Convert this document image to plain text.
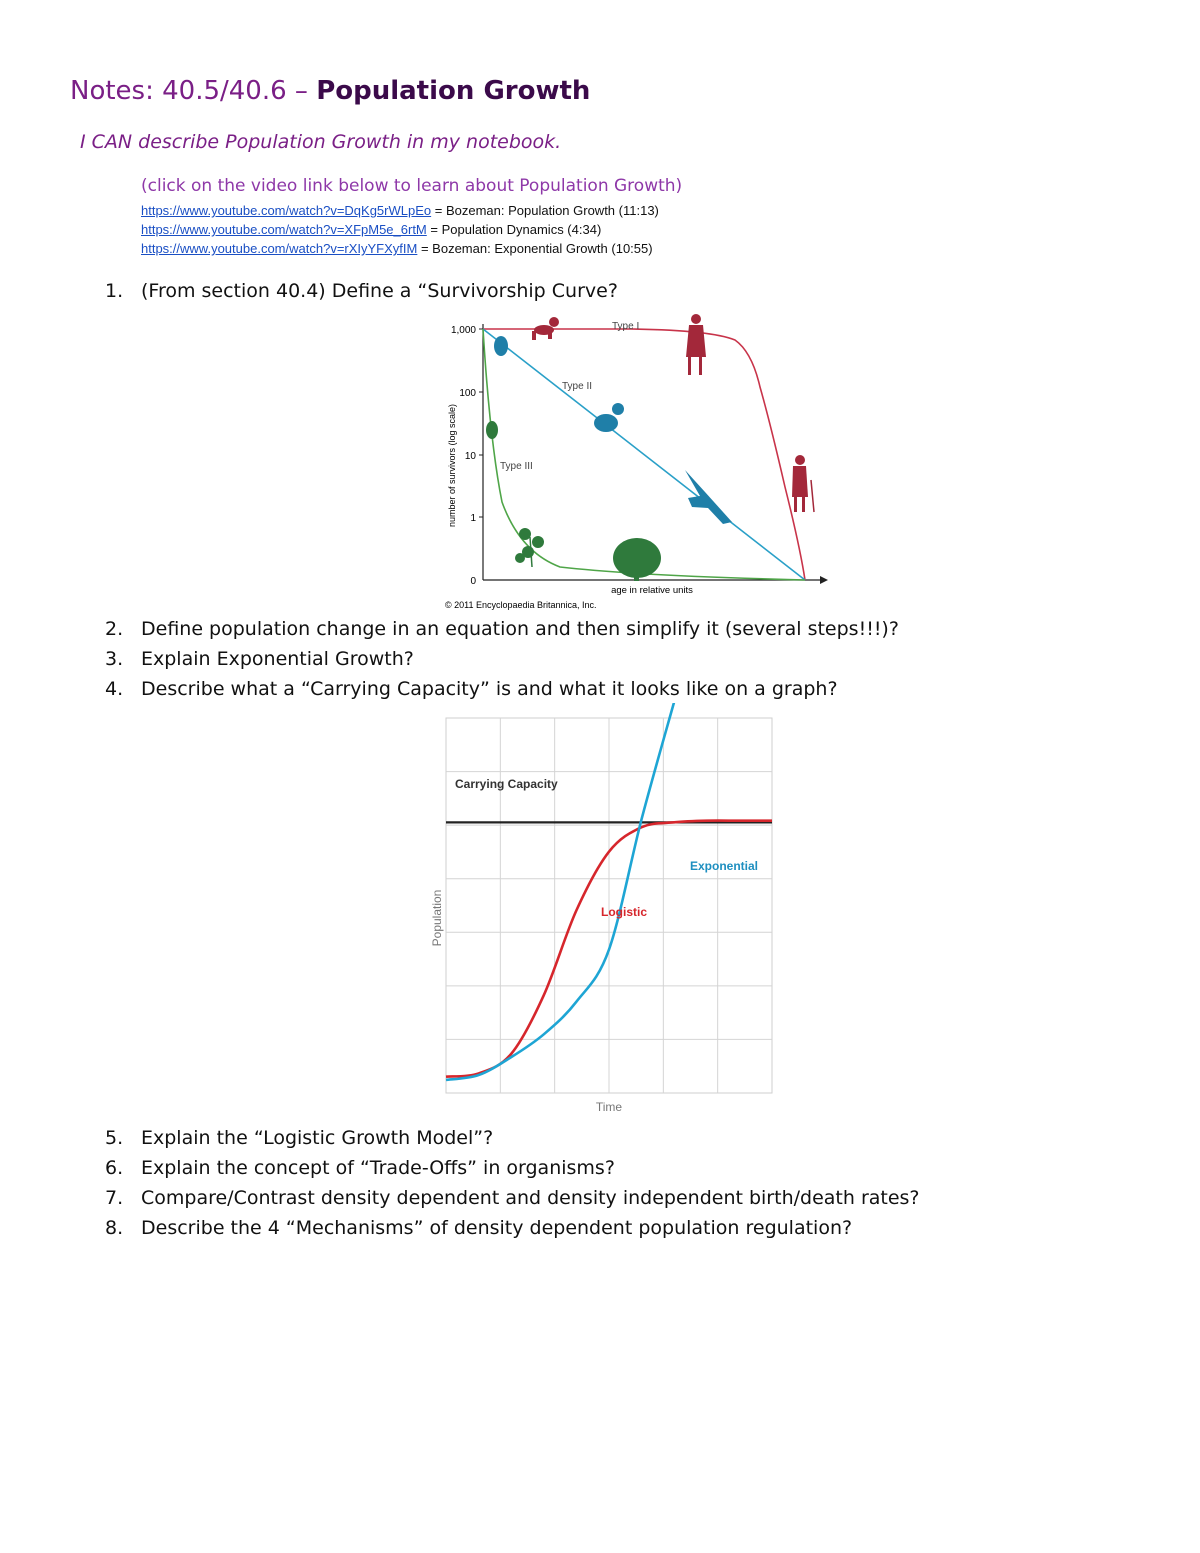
Notes: 40.5/40.6 – Population Growth
I CAN describe Population Growth in my notebook.
(click on the video link below to learn about Population Growth)
https://www.youtube.com/watch?v=DqKg5rWLpEo = Bozeman: Population Growth (11:13)
https://www.youtube.com/watch?v=XFpM5e_6rtM = Population Dynamics (4:34)
https://www.youtube.com/watch?v=rXIyYFXyfIM = Bozeman: Exponential Growth (10:55)
1. (From section 40.4) Define a “Survivorship Curve?
1,000
100
10
1
0
number of survivors (log scale)
age in relative units
© 2011 Encyclopaedia Britannica, Inc.
Type I
Type II
Type III
2. Define population change in an equation and then simplify it (several steps!!!)?
3. Explain Exponential Growth?
4. Describe what a “Carrying Capacity” is and what it looks like on a graph?
Carrying Capacity
Logistic
Exponential
Population
Time
5. Explain the “Logistic Growth Model”?
6. Explain the concept of “Trade-Offs” in organisms?
7. Compare/Contrast density dependent and density independent birth/death rates?
8. Describe the 4 “Mechanisms” of density dependent population regulation?
